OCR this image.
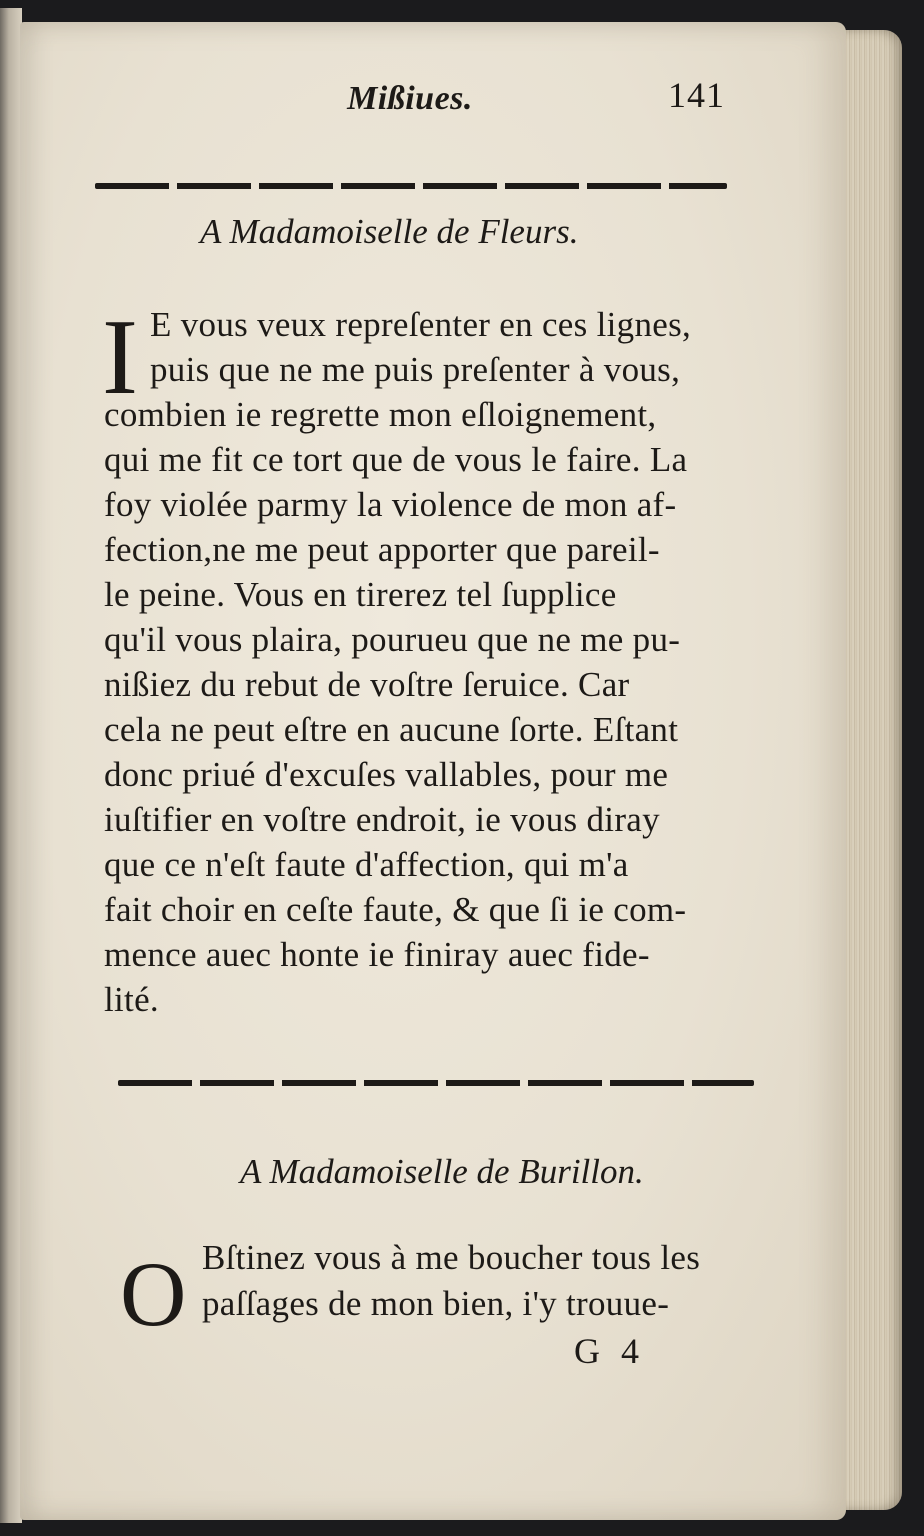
Mißiues.	141
A Madamoiselle de Fleurs.
I E vous veux repreſenter en ces lignes,
puis que ne me puis preſenter à vous,
combien ie regrette mon eſloignement,
qui me fit ce tort que de vous le faire. La
foy violée parmy la violence de mon af-
fection,ne me peut apporter que pareil-
le peine. Vous en tirerez tel ſupplice
qu'il vous plaira, pourueu que ne me pu-
nißiez du rebut de voſtre ſeruice. Car
cela ne peut eſtre en aucune ſorte. Eſtant
donc priué d'excuſes vallables, pour me
iuſtifier en voſtre endroit, ie vous diray
que ce n'eſt faute d'affection, qui m'a
fait choir en ceſte faute, & que ſi ie com-
mence auec honte ie finiray auec fide-
lité.
A Madamoiselle de Burillon.
O Bſtinez vous à me boucher tous les
paſſages de mon bien, i'y trouue-
G 4
